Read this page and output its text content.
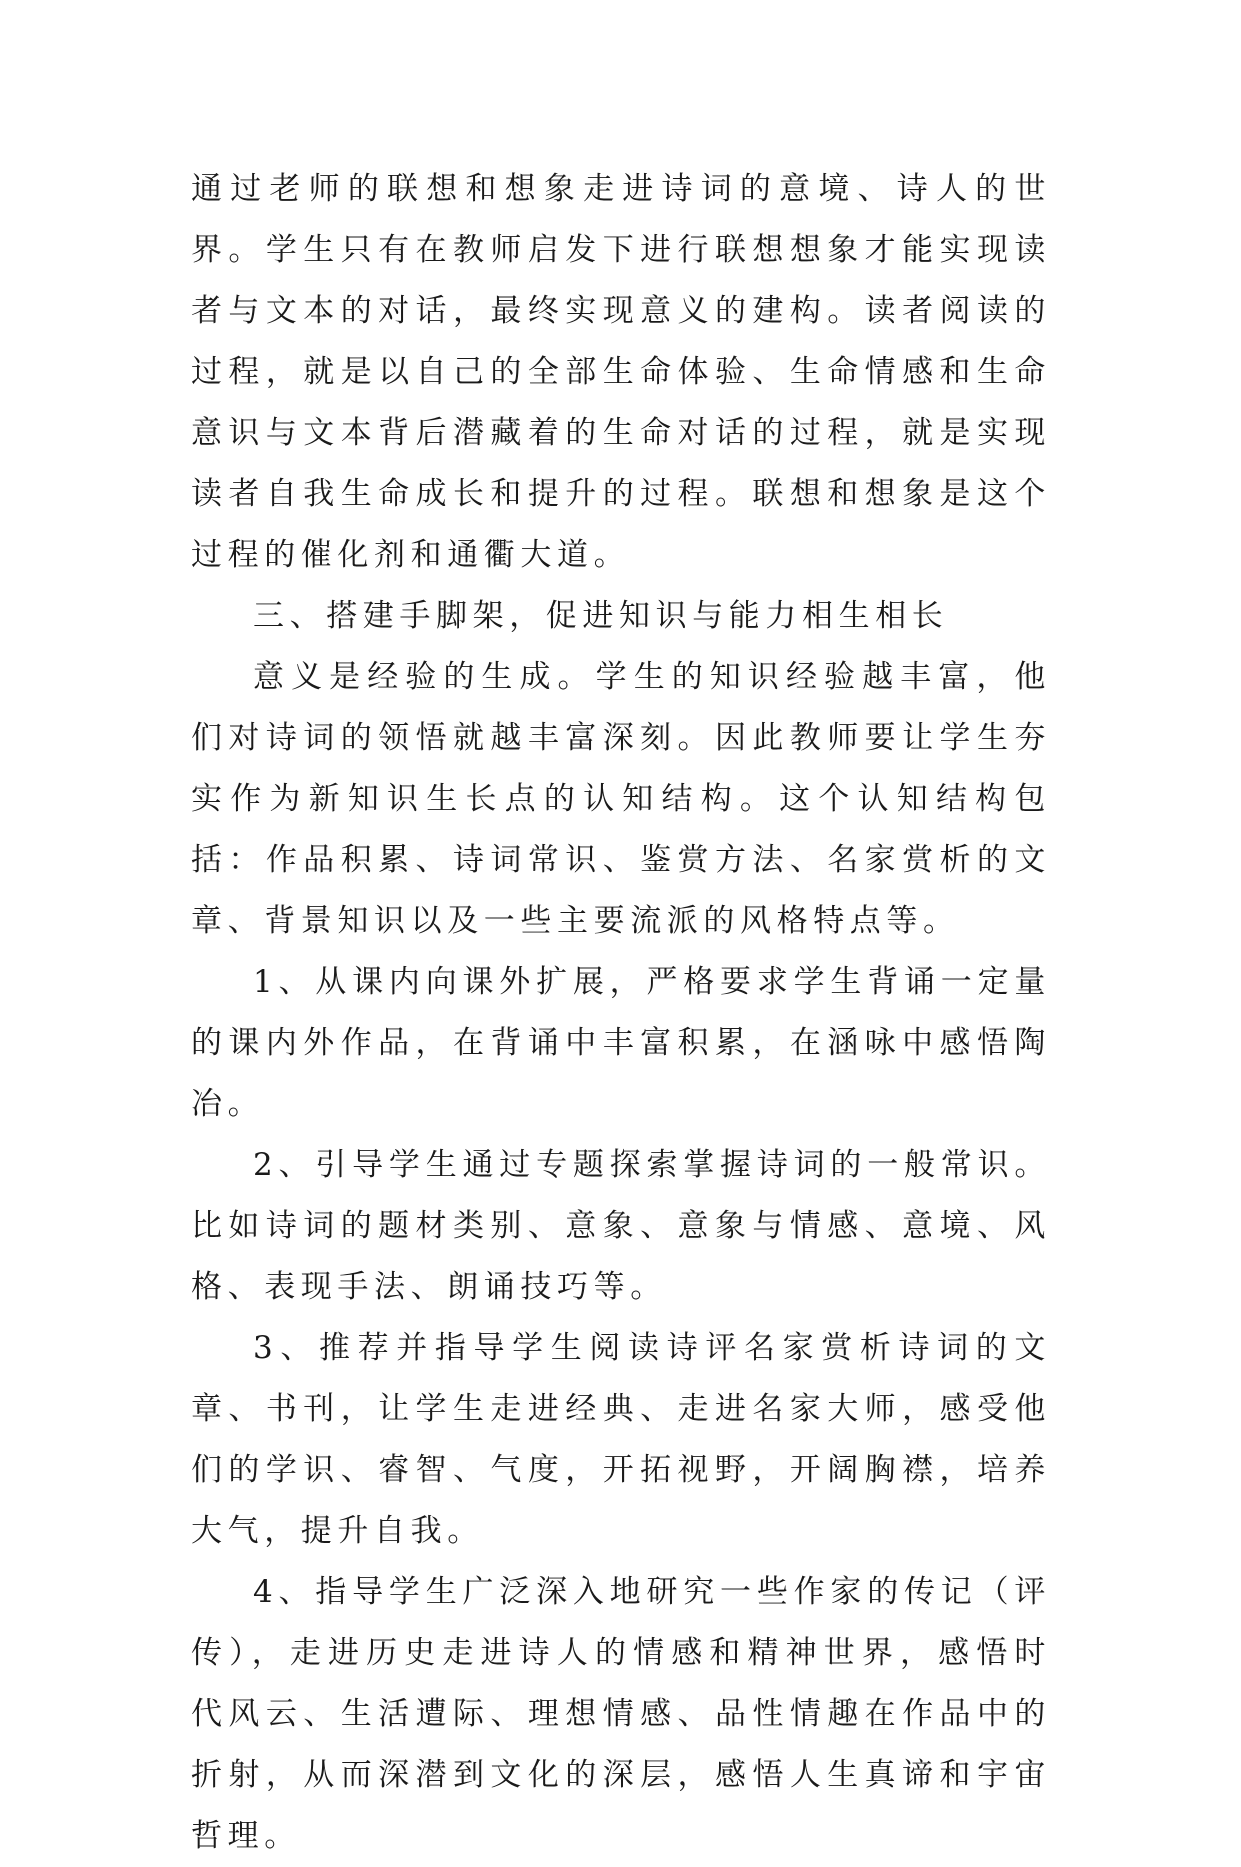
通过老师的联想和想象走进诗词的意境、诗人的世界。学生只有在教师启发下进行联想想象才能实现读者与文本的对话，最终实现意义的建构。读者阅读的过程，就是以自己的全部生命体验、生命情感和生命意识与文本背后潜藏着的生命对话的过程，就是实现读者自我生命成长和提升的过程。联想和想象是这个过程的催化剂和通衢大道。

三、搭建手脚架，促进知识与能力相生相长

意义是经验的生成。学生的知识经验越丰富，他们对诗词的领悟就越丰富深刻。因此教师要让学生夯实作为新知识生长点的认知结构。这个认知结构包括：作品积累、诗词常识、鉴赏方法、名家赏析的文章、背景知识以及一些主要流派的风格特点等。

1、从课内向课外扩展，严格要求学生背诵一定量的课内外作品，在背诵中丰富积累，在涵咏中感悟陶冶。

2、引导学生通过专题探索掌握诗词的一般常识。比如诗词的题材类别、意象、意象与情感、意境、风格、表现手法、朗诵技巧等。

3、推荐并指导学生阅读诗评名家赏析诗词的文章、书刊，让学生走进经典、走进名家大师，感受他们的学识、睿智、气度，开拓视野，开阔胸襟，培养大气，提升自我。

4、指导学生广泛深入地研究一些作家的传记（评传），走进历史走进诗人的情感和精神世界，感悟时代风云、生活遭际、理想情感、品性情趣在作品中的折射，从而深潜到文化的深层，感悟人生真谛和宇宙哲理。
